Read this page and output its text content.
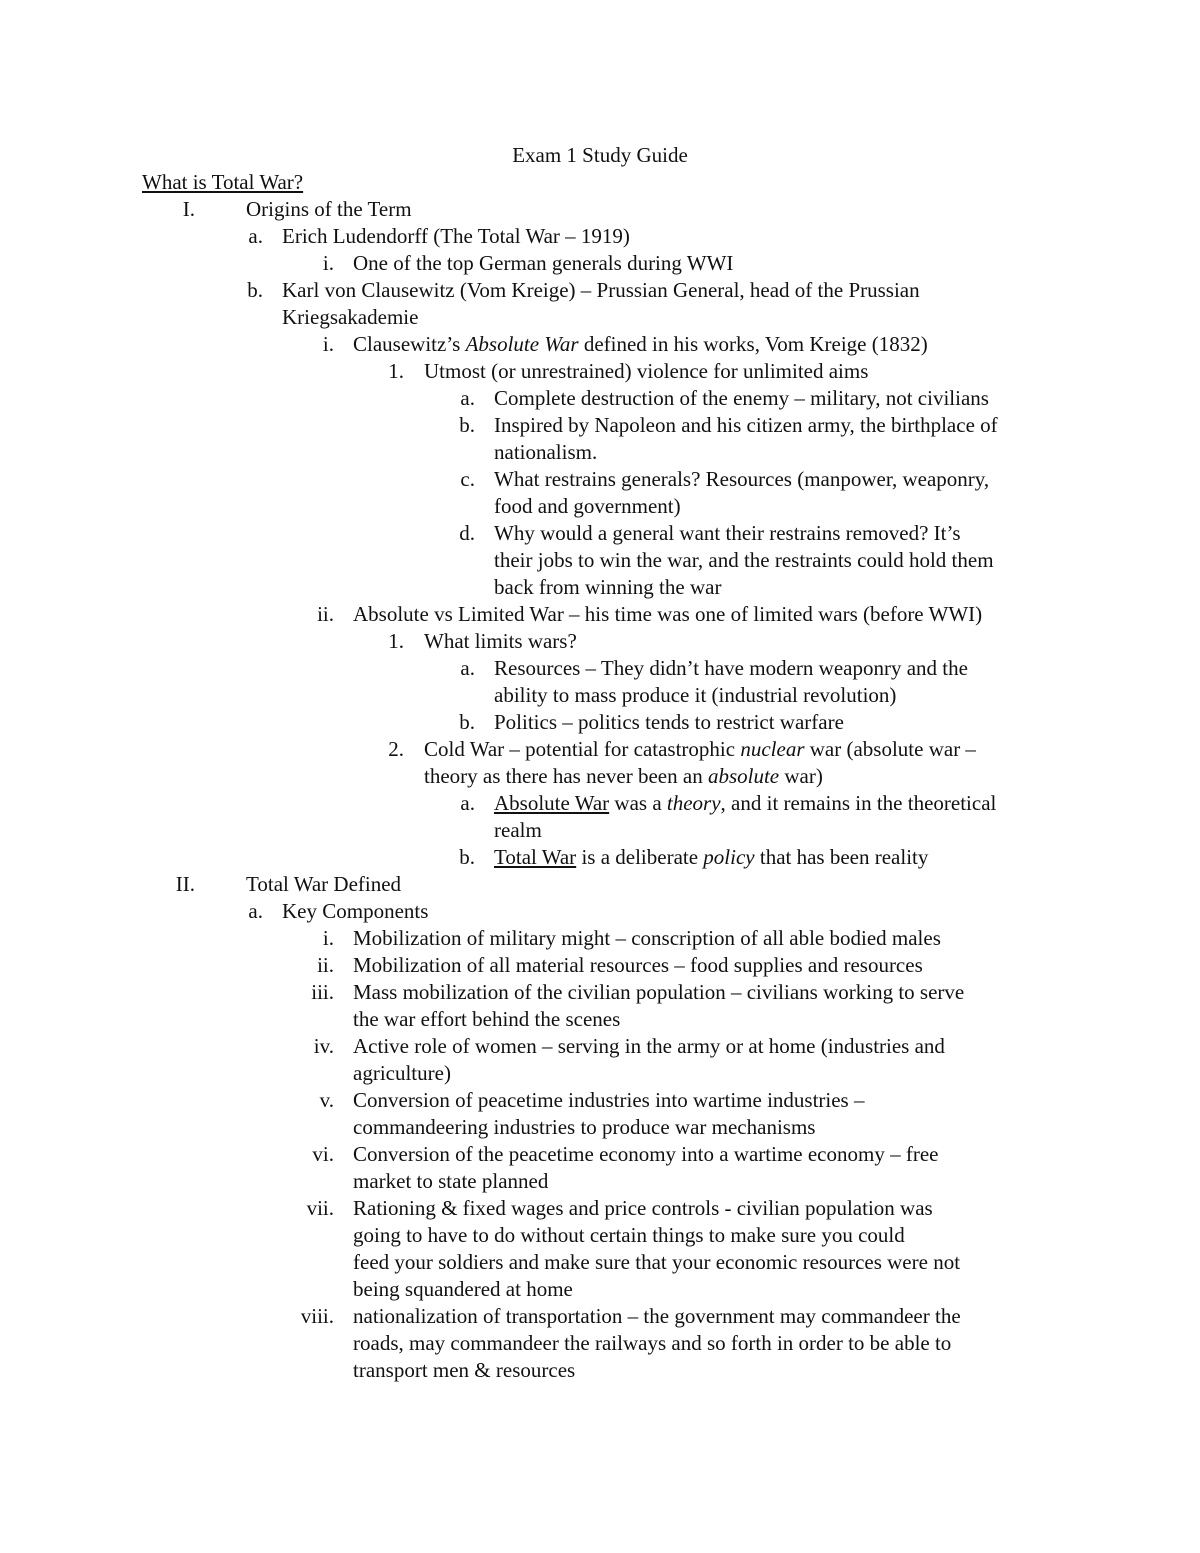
Exam 1 Study Guide
What is Total War?
I. Origins of the Term
a. Erich Ludendorff (The Total War – 1919)
i. One of the top German generals during WWI
b. Karl von Clausewitz (Vom Kreige) – Prussian General, head of the Prussian
Kriegsakademie
i. Clausewitz’s Absolute War defined in his works, Vom Kreige (1832)
1. Utmost (or unrestrained) violence for unlimited aims
a. Complete destruction of the enemy – military, not civilians
b. Inspired by Napoleon and his citizen army, the birthplace of
nationalism.
c. What restrains generals? Resources (manpower, weaponry,
food and government)
d. Why would a general want their restrains removed? It’s
their jobs to win the war, and the restraints could hold them
back from winning the war
ii. Absolute vs Limited War – his time was one of limited wars (before WWI)
1. What limits wars?
a. Resources – They didn’t have modern weaponry and the
ability to mass produce it (industrial revolution)
b. Politics – politics tends to restrict warfare
2. Cold War – potential for catastrophic nuclear war (absolute war –
theory as there has never been an absolute war)
a. Absolute War was a theory, and it remains in the theoretical
realm
b. Total War is a deliberate policy that has been reality
II. Total War Defined
a. Key Components
i. Mobilization of military might – conscription of all able bodied males
ii. Mobilization of all material resources – food supplies and resources
iii. Mass mobilization of the civilian population – civilians working to serve
the war effort behind the scenes
iv. Active role of women – serving in the army or at home (industries and
agriculture)
v. Conversion of peacetime industries into wartime industries –
commandeering industries to produce war mechanisms
vi. Conversion of the peacetime economy into a wartime economy – free
market to state planned
vii. Rationing & fixed wages and price controls - civilian population was
going to have to do without certain things to make sure you could
feed your soldiers and make sure that your economic resources were not
being squandered at home
viii. nationalization of transportation – the government may commandeer the
roads, may commandeer the railways and so forth in order to be able to
transport men & resources
